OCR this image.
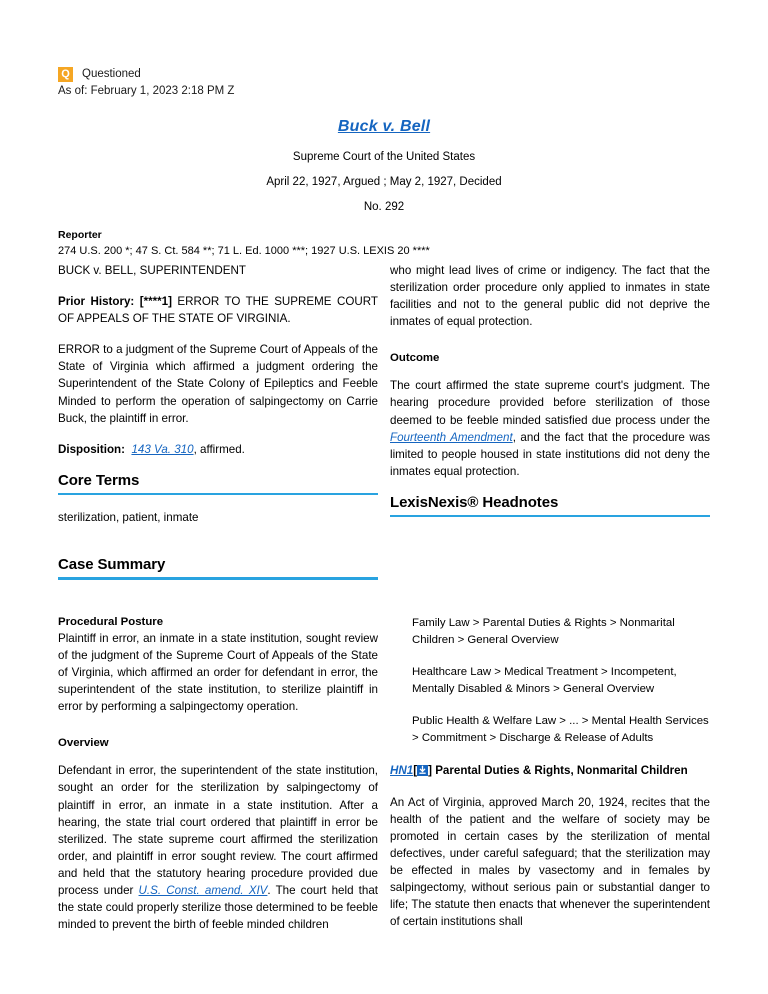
Q Questioned
As of: February 1, 2023 2:18 PM Z
Buck v. Bell
Supreme Court of the United States
April 22, 1927, Argued ; May 2, 1927, Decided
No. 292
Reporter
274 U.S. 200 *; 47 S. Ct. 584 **; 71 L. Ed. 1000 ***; 1927 U.S. LEXIS 20 ****

BUCK v. BELL, SUPERINTENDENT

Prior History: [****1] ERROR TO THE SUPREME COURT OF APPEALS OF THE STATE OF VIRGINIA.

ERROR to a judgment of the Supreme Court of Appeals of the State of Virginia which affirmed a judgment ordering the Superintendent of the State Colony of Epileptics and Feeble Minded to perform the operation of salpingectomy on Carrie Buck, the plaintiff in error.

Disposition: 143 Va. 310, affirmed.

Core Terms

sterilization, patient, inmate

Case Summary
Procedural Posture

Plaintiff in error, an inmate in a state institution, sought review of the judgment of the Supreme Court of Appeals of the State of Virginia, which affirmed an order for defendant in error, the superintendent of the state institution, to sterilize plaintiff in error by performing a salpingectomy operation.

Overview

Defendant in error, the superintendent of the state institution, sought an order for the sterilization by salpingectomy of plaintiff in error, an inmate in a state institution. After a hearing, the state trial court ordered that plaintiff in error be sterilized. The state supreme court affirmed the sterilization order, and plaintiff in error sought review. The court affirmed and held that the statutory hearing procedure provided due process under U.S. Const. amend. XIV. The court held that the state could properly sterilize those determined to be feeble minded to prevent the birth of feeble minded children

who might lead lives of crime or indigency. The fact that the sterilization order procedure only applied to inmates in state facilities and not to the general public did not deprive the inmates of equal protection.

Outcome

The court affirmed the state supreme court's judgment. The hearing procedure provided before sterilization of those deemed to be feeble minded satisfied due process under the Fourteenth Amendment, and the fact that the procedure was limited to people housed in state institutions did not deny the inmates equal protection.

LexisNexis® Headnotes
Family Law > Parental Duties & Rights > Nonmarital Children > General Overview
Healthcare Law > Medical Treatment > Incompetent, Mentally Disabled & Minors > General Overview
Public Health & Welfare Law > ... > Mental Health Services > Commitment > Discharge & Release of Adults
HN1[ ] Parental Duties & Rights, Nonmarital Children

An Act of Virginia, approved March 20, 1924, recites that the health of the patient and the welfare of society may be promoted in certain cases by the sterilization of mental defectives, under careful safeguard; that the sterilization may be effected in males by vasectomy and in females by salpingectomy, without serious pain or substantial danger to life; The statute then enacts that whenever the superintendent of certain institutions shall
